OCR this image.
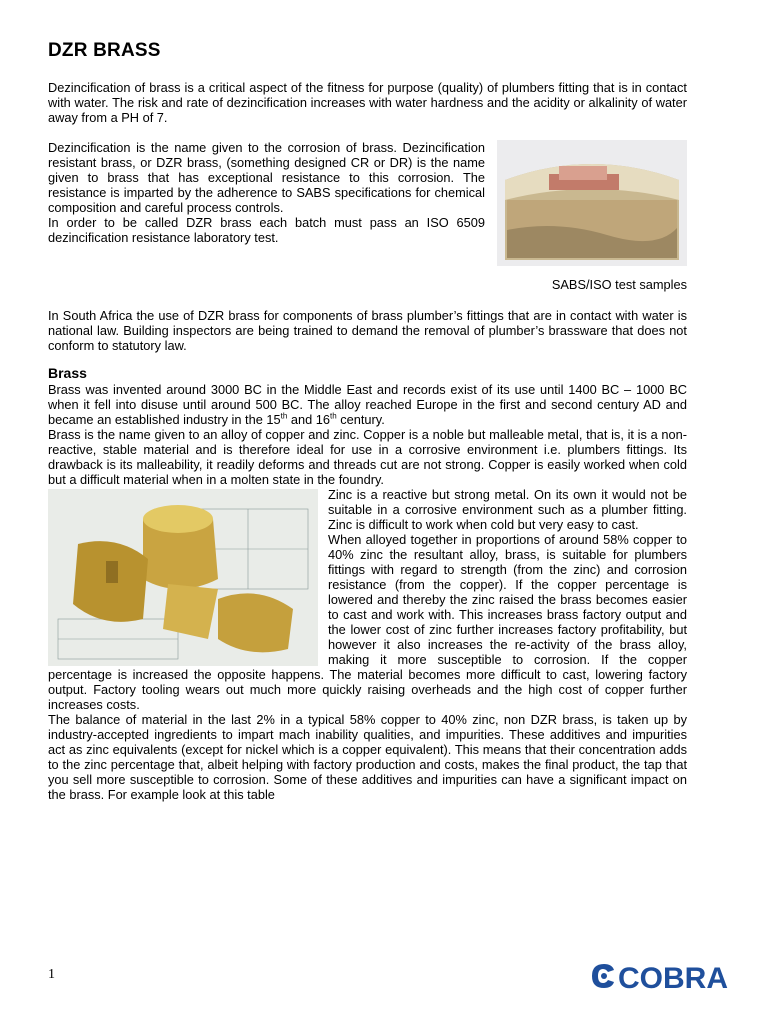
DZR BRASS

Dezincification of brass is a critical aspect of the fitness for purpose (quality) of plumbers fitting that is in contact with water. The risk and rate of dezincification increases with water hardness and the acidity or alkalinity of water away from a PH of 7.

SABS/ISO test samples

Dezincification is the name given to the corrosion of brass. Dezincification resistant brass, or DZR brass, (something designed CR or DR) is the name given to brass that has exceptional resistance to this corrosion. The resistance is imparted by the adherence to SABS specifications for chemical composition and careful process controls.

In order to be called DZR brass each batch must pass an ISO 6509 dezincification resistance laboratory test.

In South Africa the use of DZR brass for components of brass plumber’s fittings that are in contact with water is national law. Building inspectors are being trained to demand the removal of plumber’s brassware that does not conform to statutory law.

Brass

Brass was invented around 3000 BC in the Middle East and records exist of its use until 1400 BC – 1000 BC when it fell into disuse until around 500 BC. The alloy reached Europe in the first and second century AD and became an established industry in the 15th and 16th century.

Brass is the name given to an alloy of copper and zinc. Copper is a noble but malleable metal, that is, it is a non-reactive, stable material and is therefore ideal for use in a corrosive environment i.e. plumbers fittings. Its drawback is its malleability, it readily deforms and threads cut are not strong. Copper is easily worked when cold but a difficult material when in a molten state in the foundry.

Zinc is a reactive but strong metal. On its own it would not be suitable in a corrosive environment such as a plumber fitting. Zinc is difficult to work when cold but very easy to cast.

When alloyed together in proportions of around 58% copper to 40% zinc the resultant alloy, brass, is suitable for plumbers fittings with regard to strength (from the zinc) and corrosion resistance (from the copper). If the copper percentage is lowered and thereby the zinc raised the brass becomes easier to cast and work with. This increases brass factory output and the lower cost of zinc further increases factory profitability, but however it also increases the re-activity of the brass alloy, making it more susceptible to corrosion. If the copper percentage is increased the opposite happens. The material becomes more difficult to cast, lowering factory output. Factory tooling wears out much more quickly raising overheads and the high cost of copper further increases costs.

The balance of material in the last 2% in a typical 58% copper to 40% zinc, non DZR brass, is taken up by industry-accepted ingredients to impart mach inability qualities, and impurities. These additives and impurities act as zinc equivalents (except for nickel which is a copper equivalent). This means that their concentration adds to the zinc percentage that, albeit helping with factory production and costs, makes the final product, the tap that you sell more susceptible to corrosion. Some of these additives and impurities can have a significant impact on the brass. For example look at this table

1	COBRA
